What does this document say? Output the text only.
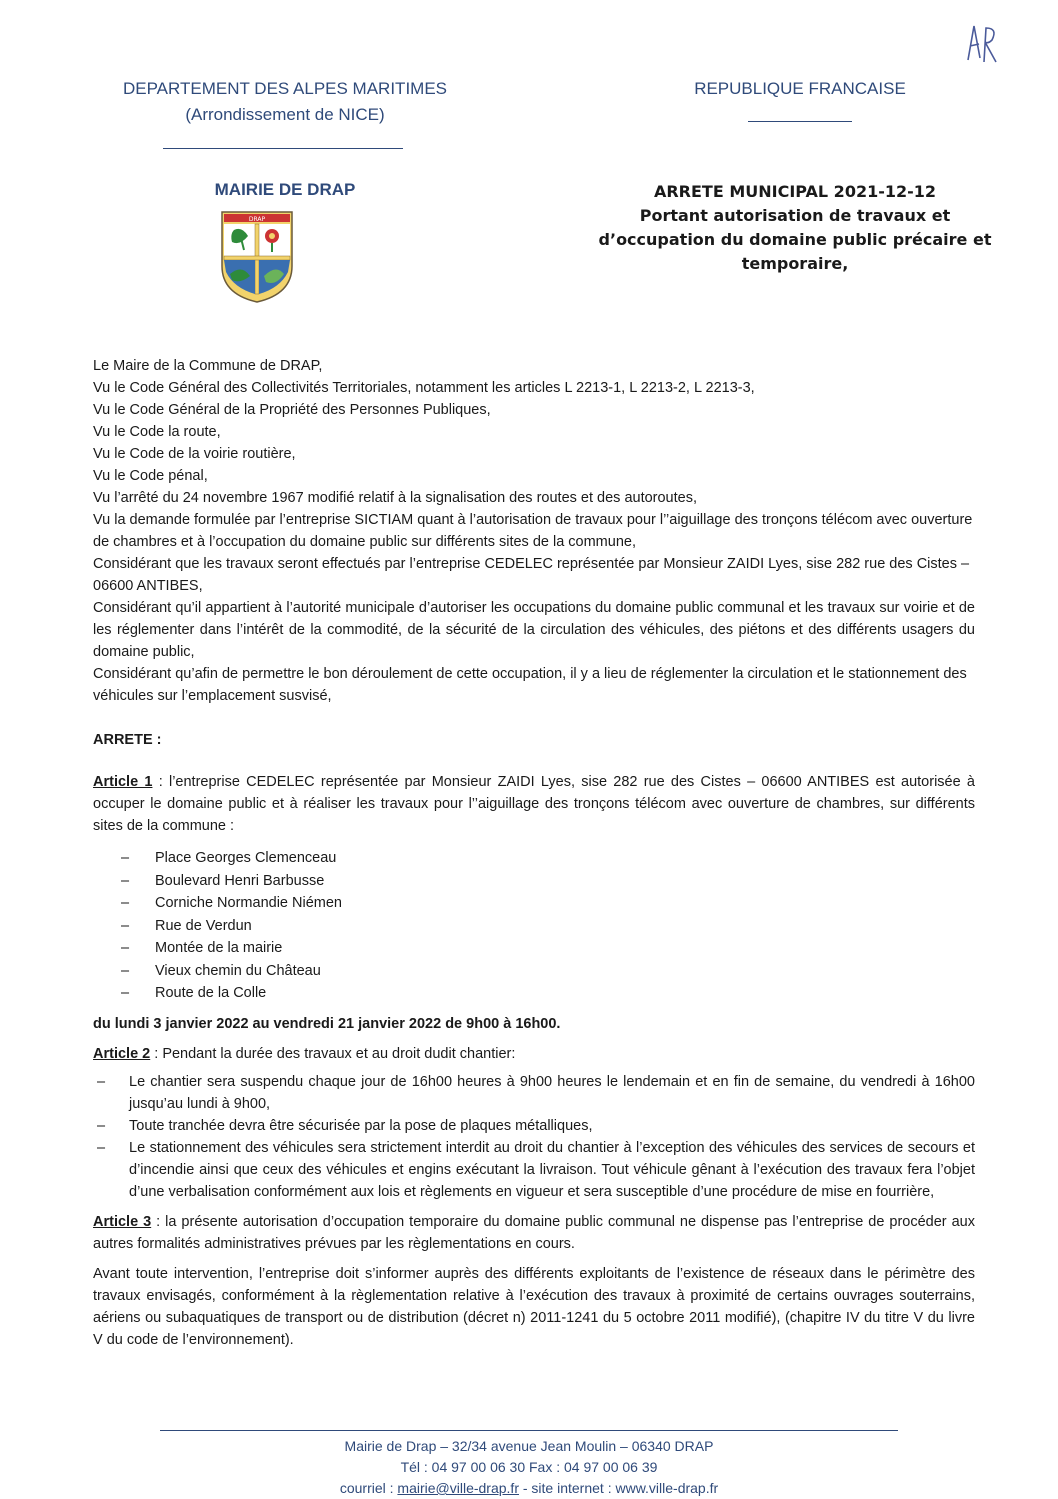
DEPARTEMENT DES ALPES MARITIMES
(Arrondissement de NICE)
REPUBLIQUE FRANCAISE
MAIRIE DE DRAP
DRAP
ARRETE MUNICIPAL 2021-12-12
Portant autorisation de travaux et
d’occupation du domaine public précaire et
temporaire,

Le Maire de la Commune de DRAP,

Vu le Code Général des Collectivités Territoriales, notamment les articles L 2213-1, L 2213-2, L 2213-3,

Vu le Code Général de la Propriété des Personnes Publiques,

Vu le Code la route,

Vu le Code de la voirie routière,

Vu le Code pénal,

Vu l’arrêté du 24 novembre 1967 modifié relatif à la signalisation des routes et des autoroutes,

Vu la demande formulée par l’entreprise SICTIAM quant à l’autorisation de travaux pour l’’aiguillage des tronçons télécom avec ouverture de chambres et à l’occupation du domaine public sur différents sites de la commune,

Considérant que les travaux seront effectués par l’entreprise CEDELEC représentée par Monsieur ZAIDI Lyes, sise 282 rue des Cistes – 06600 ANTIBES,

Considérant qu’il appartient à l’autorité municipale d’autoriser les occupations du domaine public communal et les travaux sur voirie et de les réglementer dans l’intérêt de la commodité, de la sécurité de la circulation des véhicules, des piétons et des différents usagers du domaine public,

Considérant qu’afin de permettre le bon déroulement de cette occupation, il y a lieu de réglementer la circulation et le stationnement des véhicules sur l’emplacement susvisé,

ARRETE :

Article 1 : l’entreprise CEDELEC représentée par Monsieur ZAIDI Lyes, sise 282 rue des Cistes – 06600 ANTIBES est autorisée à occuper le domaine public et à réaliser les travaux pour l’’aiguillage des tronçons télécom avec ouverture de chambres, sur différents sites de la commune :

– Place Georges Clemenceau
– Boulevard Henri Barbusse
– Corniche Normandie Niémen
– Rue de Verdun
– Montée de la mairie
– Vieux chemin du Château
– Route de la Colle

du lundi 3 janvier 2022 au vendredi 21 janvier 2022 de 9h00 à 16h00.

Article 2 : Pendant la durée des travaux et au droit dudit chantier:

– Le chantier sera suspendu chaque jour de 16h00 heures à 9h00 heures le lendemain et en fin de semaine, du vendredi à 16h00 jusqu’au lundi à 9h00,
– Toute tranchée devra être sécurisée par la pose de plaques métalliques,
– Le stationnement des véhicules sera strictement interdit au droit du chantier à l’exception des véhicules des services de secours et d’incendie ainsi que ceux des véhicules et engins exécutant la livraison. Tout véhicule gênant à l’exécution des travaux fera l’objet d’une verbalisation conformément aux lois et règlements en vigueur et sera susceptible d’une procédure de mise en fourrière,

Article 3 : la présente autorisation d’occupation temporaire du domaine public communal ne dispense pas l’entreprise de procéder aux autres formalités administratives prévues par les règlementations en cours.

Avant toute intervention, l’entreprise doit s’informer auprès des différents exploitants de l’existence de réseaux dans le périmètre des travaux envisagés, conformément à la règlementation relative à l’exécution des travaux à proximité de certains ouvrages souterrains, aériens ou subaquatiques de transport ou de distribution (décret n) 2011-1241 du 5 octobre 2011 modifié), (chapitre IV du titre V du livre V du code de l’environnement).

Mairie de Drap – 32/34 avenue Jean Moulin – 06340 DRAP
Tél : 04 97 00 06 30 Fax : 04 97 00 06 39
courriel : mairie@ville-drap.fr - site internet : www.ville-drap.fr
